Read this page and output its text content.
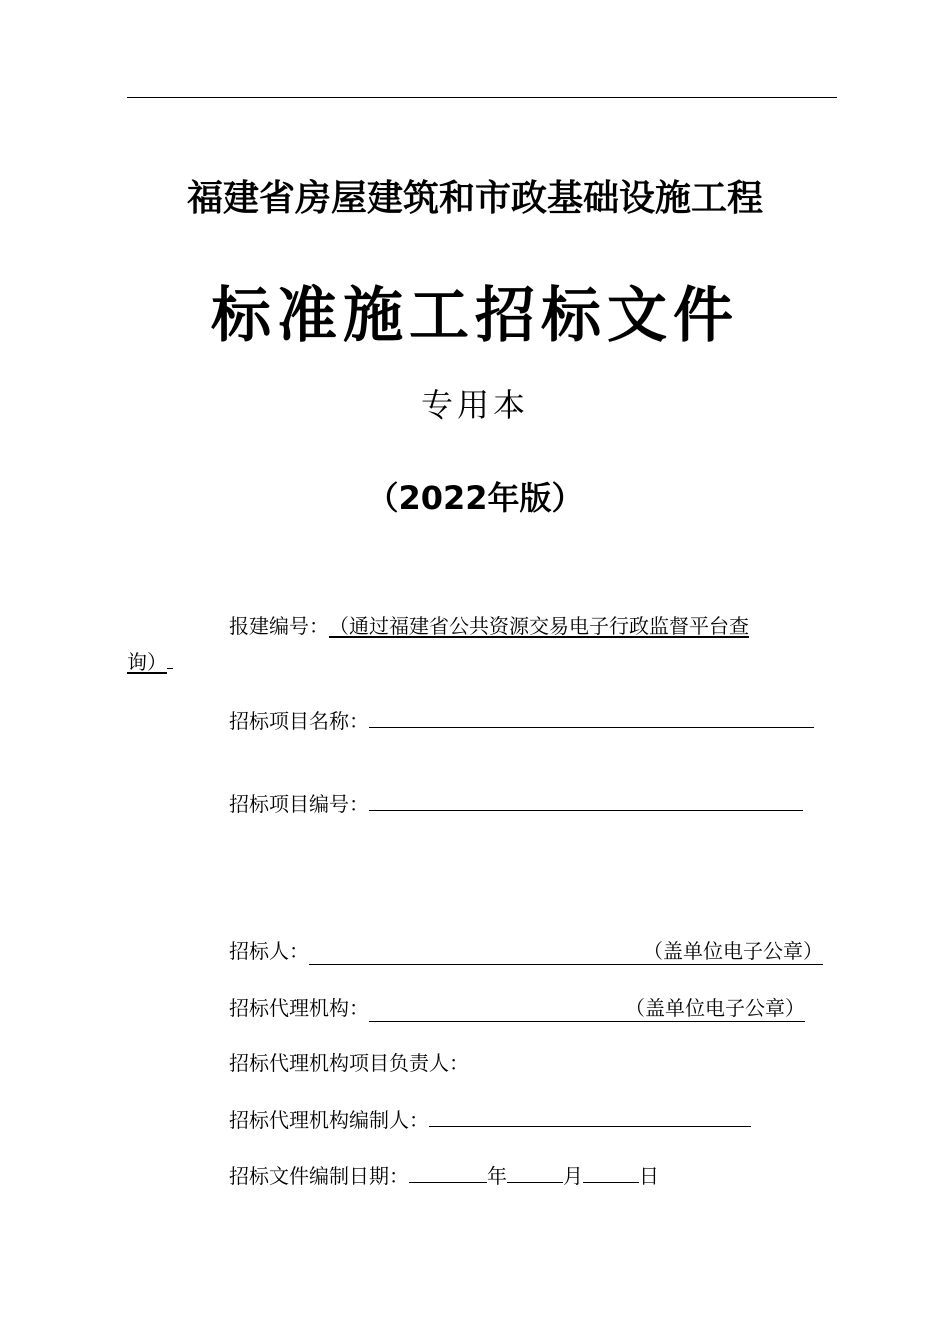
福建省房屋建筑和市政基础设施工程
标准施工招标文件
专用本
（2022年版）
报建编号：（通过福建省公共资源交易电子行政监督平台查
询）
招标项目名称：
招标项目编号：
招标人：	（盖单位电子公章）
招标代理机构：	（盖单位电子公章）
招标代理机构项目负责人：
招标代理机构编制人：
招标文件编制日期：	年	月	日
